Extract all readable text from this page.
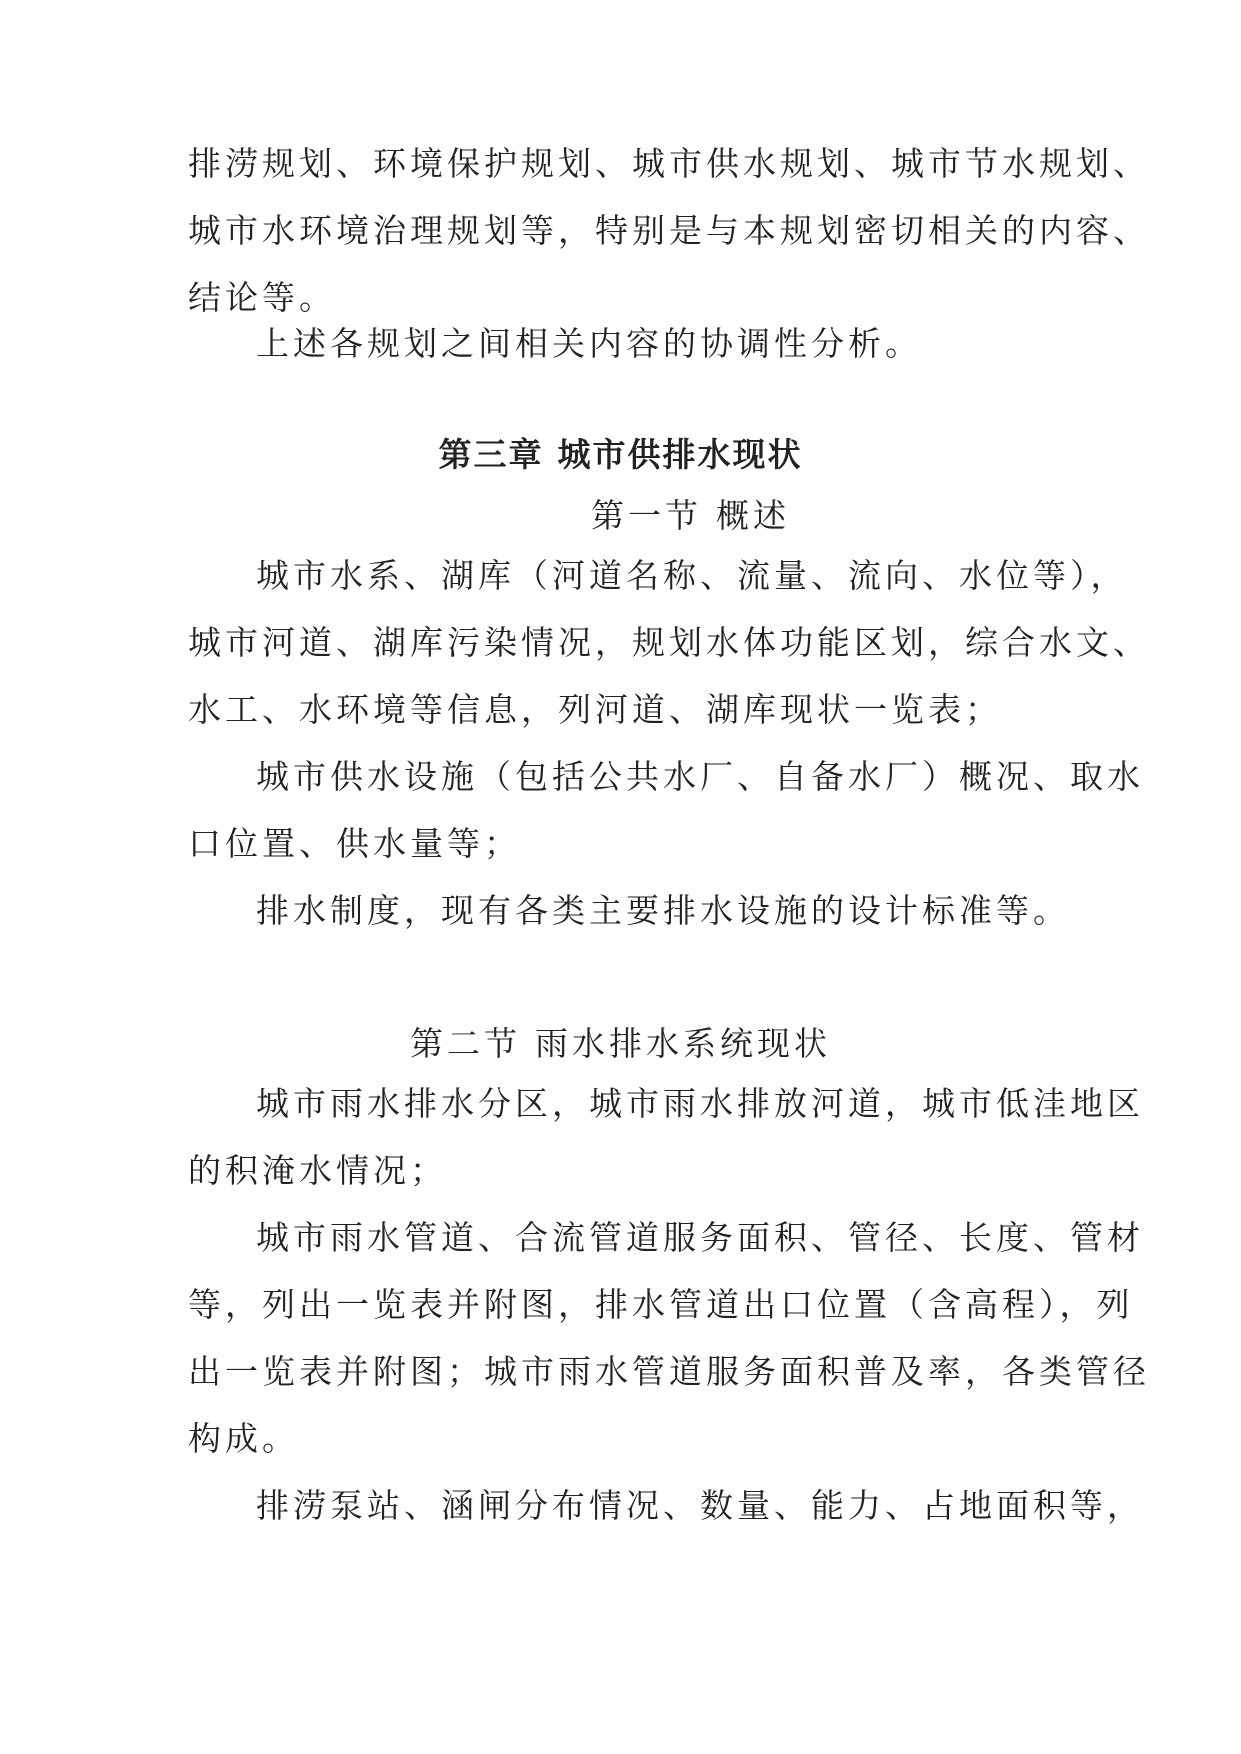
排涝规划、环境保护规划、城市供水规划、城市节水规划、
城市水环境治理规划等，特别是与本规划密切相关的内容、
结论等。
上述各规划之间相关内容的协调性分析。
第三章 城市供排水现状
第一节 概述
城市水系、湖库（河道名称、流量、流向、水位等），
城市河道、湖库污染情况，规划水体功能区划，综合水文、
水工、水环境等信息，列河道、湖库现状一览表；
城市供水设施（包括公共水厂、自备水厂）概况、取水
口位置、供水量等；
排水制度，现有各类主要排水设施的设计标准等。
第二节 雨水排水系统现状
城市雨水排水分区，城市雨水排放河道，城市低洼地区
的积淹水情况；
城市雨水管道、合流管道服务面积、管径、长度、管材
等，列出一览表并附图，排水管道出口位置（含高程），列
出一览表并附图；城市雨水管道服务面积普及率，各类管径
构成。
排涝泵站、涵闸分布情况、数量、能力、占地面积等，
